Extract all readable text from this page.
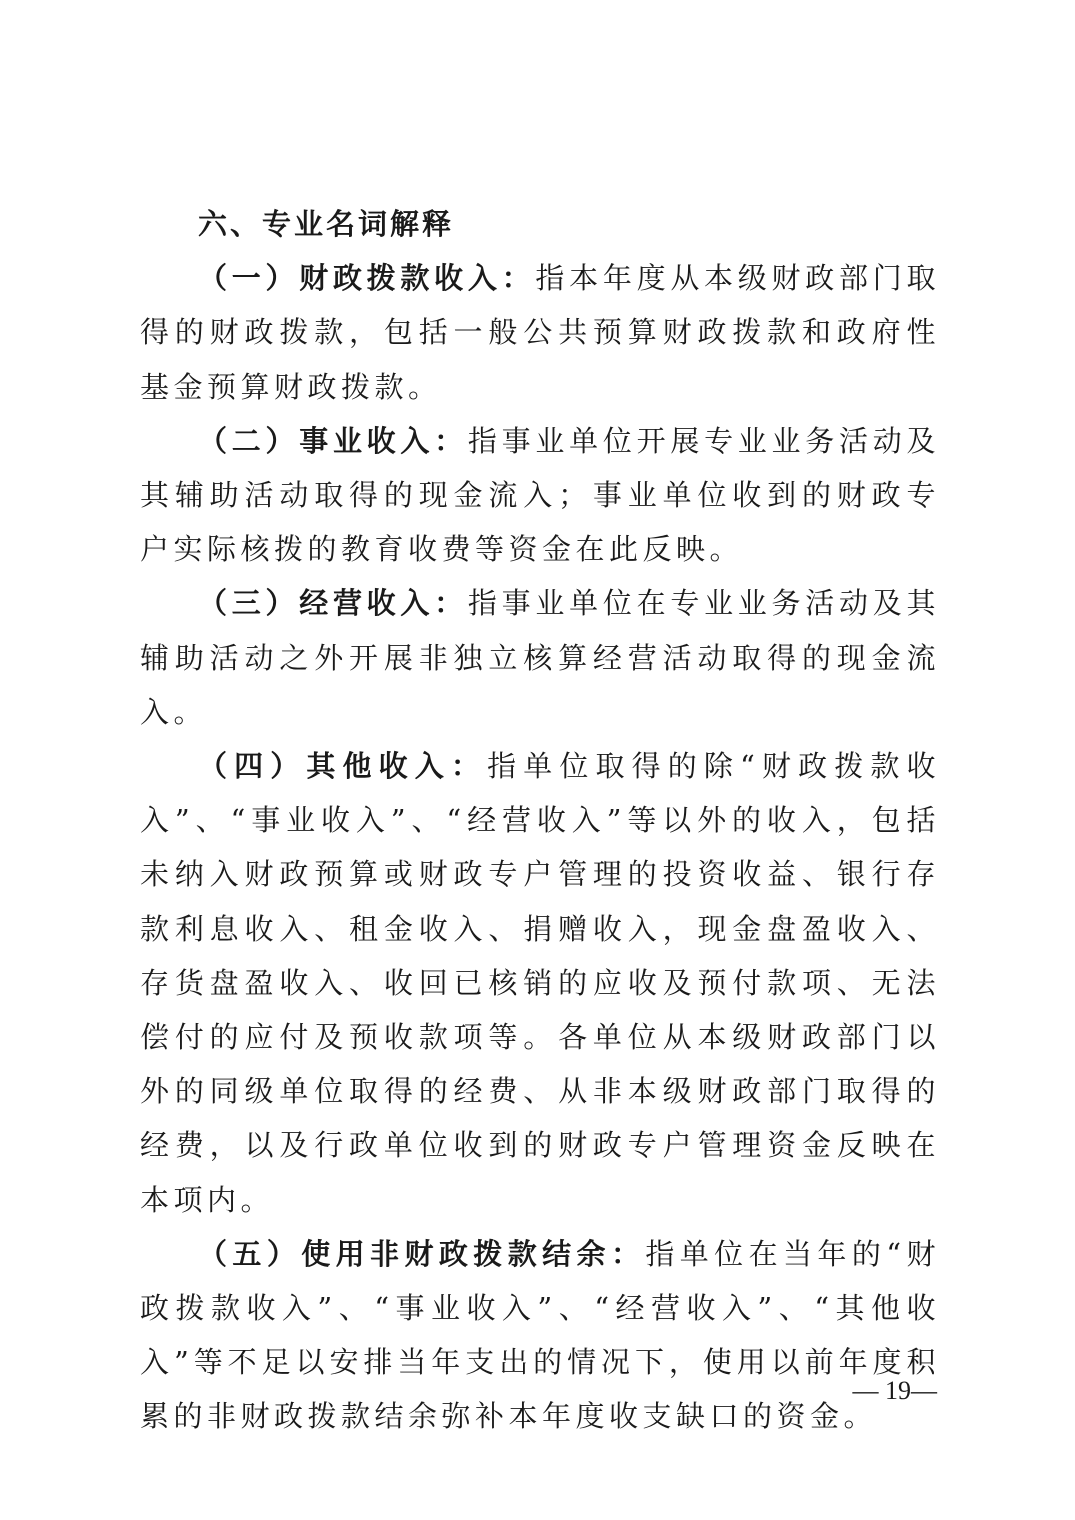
六、专业名词解释

（一）财政拨款收入：指本年度从本级财政部门取得的财政拨款，包括一般公共预算财政拨款和政府性基金预算财政拨款。

（二）事业收入：指事业单位开展专业业务活动及其辅助活动取得的现金流入；事业单位收到的财政专户实际核拨的教育收费等资金在此反映。

（三）经营收入：指事业单位在专业业务活动及其辅助活动之外开展非独立核算经营活动取得的现金流入。

（四）其他收入：指单位取得的除“财政拨款收入”、“事业收入”、“经营收入”等以外的收入，包括未纳入财政预算或财政专户管理的投资收益、银行存款利息收入、租金收入、捐赠收入，现金盘盈收入、存货盘盈收入、收回已核销的应收及预付款项、无法偿付的应付及预收款项等。各单位从本级财政部门以外的同级单位取得的经费、从非本级财政部门取得的经费，以及行政单位收到的财政专户管理资金反映在本项内。

（五）使用非财政拨款结余：指单位在当年的“财政拨款收入”、“事业收入”、“经营收入”、“其他收入”等不足以安排当年支出的情况下，使用以前年度积累的非财政拨款结余弥补本年度收支缺口的资金。

— 19—
